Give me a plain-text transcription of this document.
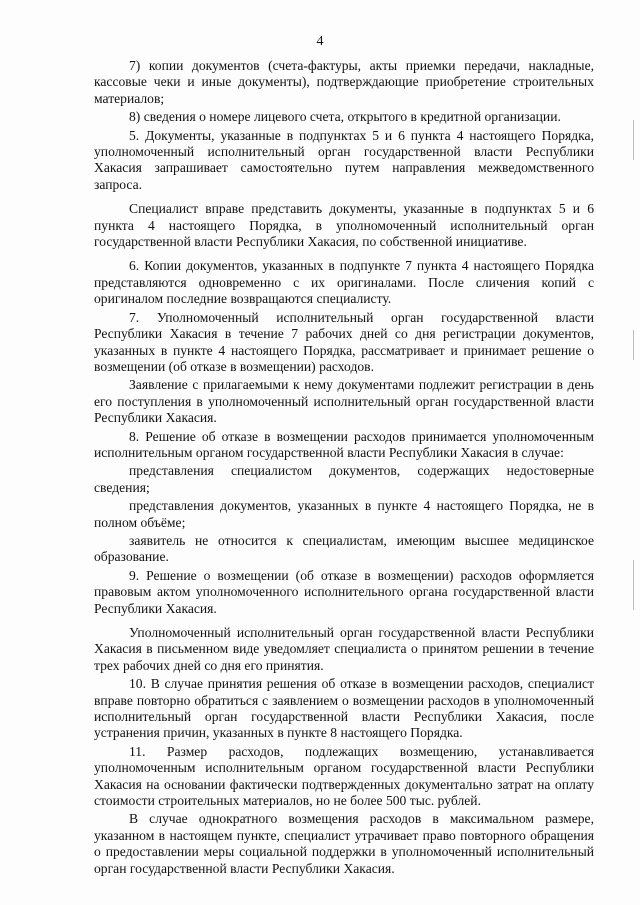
4

7) копии документов (счета-фактуры, акты приемки передачи, накладные, кассовые чеки и иные документы), подтверждающие приобретение строительных материалов;

8) сведения о номере лицевого счета, открытого в кредитной организации.

5. Документы, указанные в подпунктах 5 и 6 пункта 4 настоящего Порядка, уполномоченный исполнительный орган государственной власти Республики Хакасия запрашивает самостоятельно путем направления межведомственного запроса.

Специалист вправе представить документы, указанные в подпунктах 5 и 6 пункта 4 настоящего Порядка, в уполномоченный исполнительный орган государственной власти Республики Хакасия, по собственной инициативе.

6. Копии документов, указанных в подпункте 7 пункта 4 настоящего Порядка представляются одновременно с их оригиналами. После сличения копий с оригиналом последние возвращаются специалисту.

7. Уполномоченный исполнительный орган государственной власти Республики Хакасия в течение 7 рабочих дней со дня регистрации документов, указанных в пункте 4 настоящего Порядка, рассматривает и принимает решение о возмещении (об отказе в возмещении) расходов.

Заявление с прилагаемыми к нему документами подлежит регистрации в день его поступления в уполномоченный исполнительный орган государственной власти Республики Хакасия.

8. Решение об отказе в возмещении расходов принимается уполномоченным исполнительным органом государственной власти Республики Хакасия в случае:

представления специалистом документов, содержащих недостоверные сведения;

представления документов, указанных в пункте 4 настоящего Порядка, не в полном объёме;

заявитель не относится к специалистам, имеющим высшее медицинское образование.

9. Решение о возмещении (об отказе в возмещении) расходов оформляется правовым актом уполномоченного исполнительного органа государственной власти Республики Хакасия.

Уполномоченный исполнительный орган государственной власти Республики Хакасия в письменном виде уведомляет специалиста о принятом решении в течение трех рабочих дней со дня его принятия.

10. В случае принятия решения об отказе в возмещении расходов, специалист вправе повторно обратиться с заявлением о возмещении расходов в уполномоченный исполнительный орган государственной власти Республики Хакасия, после устранения причин, указанных в пункте 8 настоящего Порядка.

11. Размер расходов, подлежащих возмещению, устанавливается уполномоченным исполнительным органом государственной власти Республики Хакасия на основании фактически подтвержденных документально затрат на оплату стоимости строительных материалов, но не более 500 тыс. рублей.

В случае однократного возмещения расходов в максимальном размере, указанном в настоящем пункте, специалист утрачивает право повторного обращения о предоставлении меры социальной поддержки в уполномоченный исполнительный орган государственной власти Республики Хакасия.
